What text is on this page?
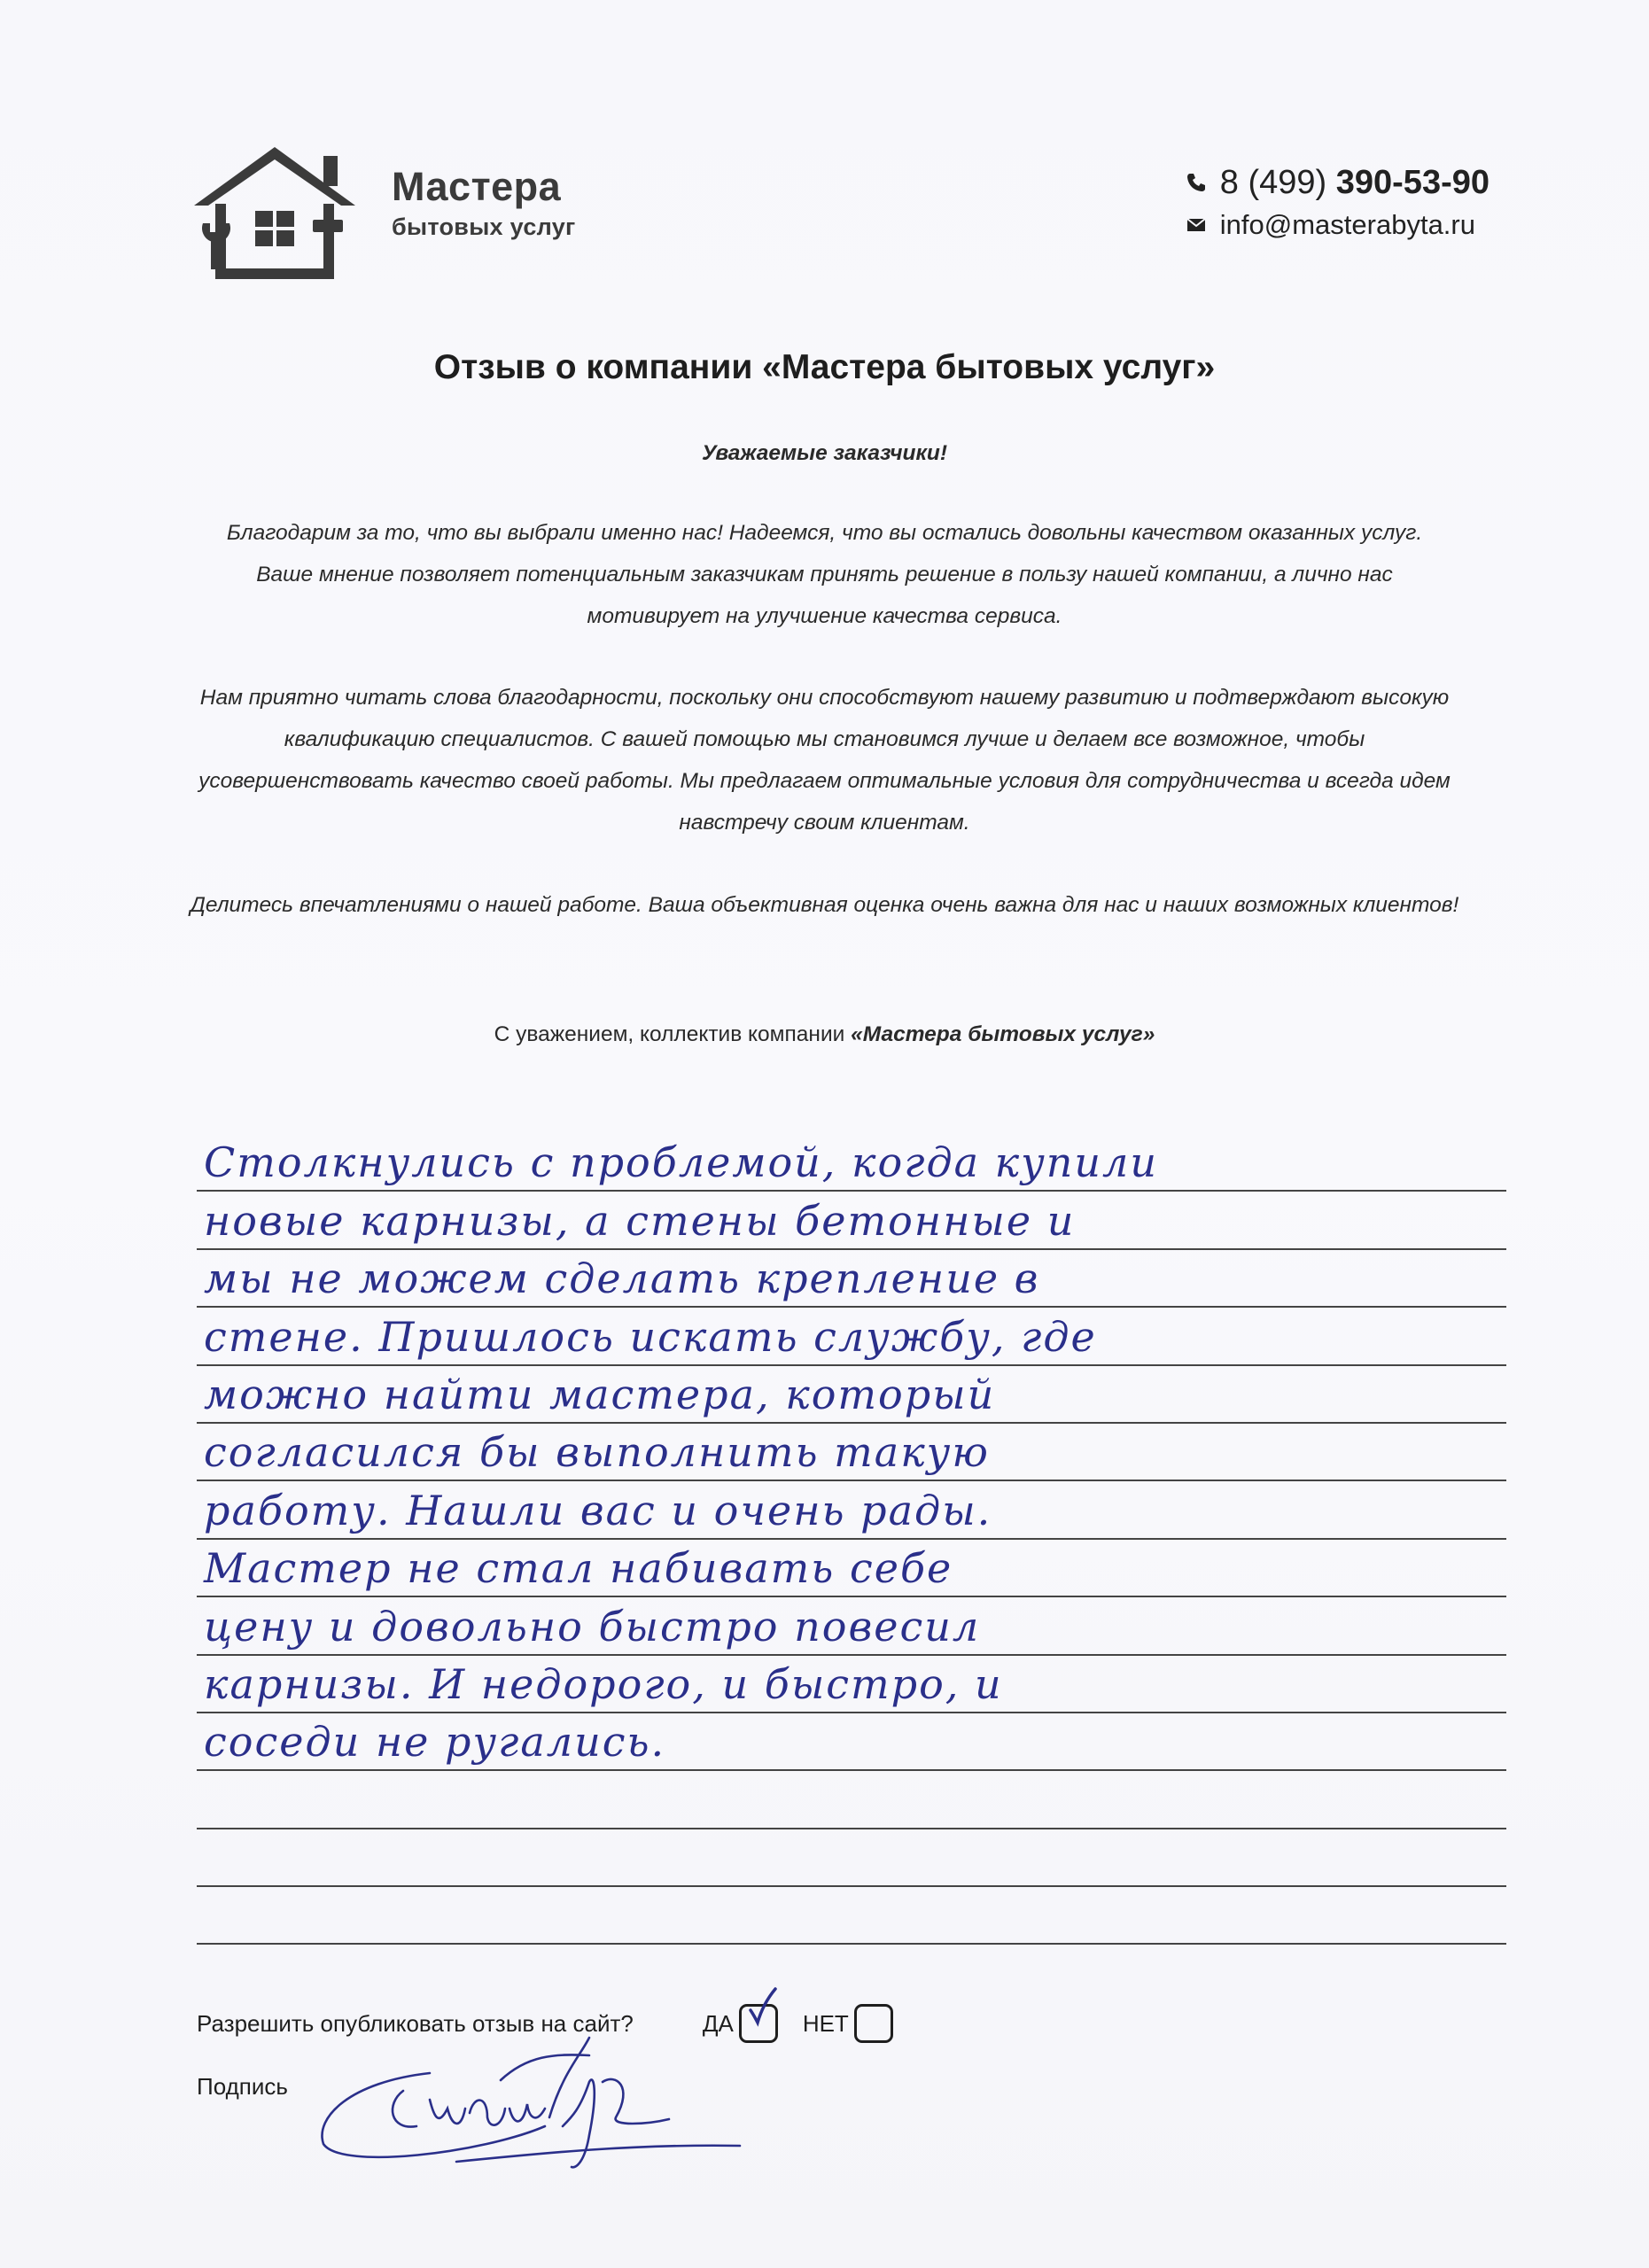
Мастера
бытовых услуг
8 (499) 390-53-90
info@masterabyta.ru
Отзыв о компании «Мастера бытовых услуг»
Уважаемые заказчики!
Благодарим за то, что вы выбрали именно нас! Надеемся, что вы остались довольны качеством оказанных услуг. Ваше мнение позволяет потенциальным заказчикам принять решение в пользу нашей компании, а лично нас мотивирует на улучшение качества сервиса.
Нам приятно читать слова благодарности, поскольку они способствуют нашему развитию и подтверждают высокую квалификацию специалистов. С вашей помощью мы становимся лучше и делаем все возможное, чтобы усовершенствовать качество своей работы. Мы предлагаем оптимальные условия для сотрудничества и всегда идем навстречу своим клиентам.
Делитесь впечатлениями о нашей работе. Ваша объективная оценка очень важна для нас и наших возможных клиентов!
С уважением, коллектив компании «Мастера бытовых услуг»
Столкнулись с проблемой, когда купили
новые карнизы, а стены бетонные и
мы не можем сделать крепление в
стене. Пришлось искать службу, где
можно найти мастера, который
согласился бы выполнить такую
работу. Нашли вас и очень рады.
Мастер не стал набивать себе
цену и довольно быстро повесил
карнизы. И недорого, и быстро, и
соседи не ругались.
Разрешить опубликовать отзыв на сайт?	ДА	НЕТ
Подпись
